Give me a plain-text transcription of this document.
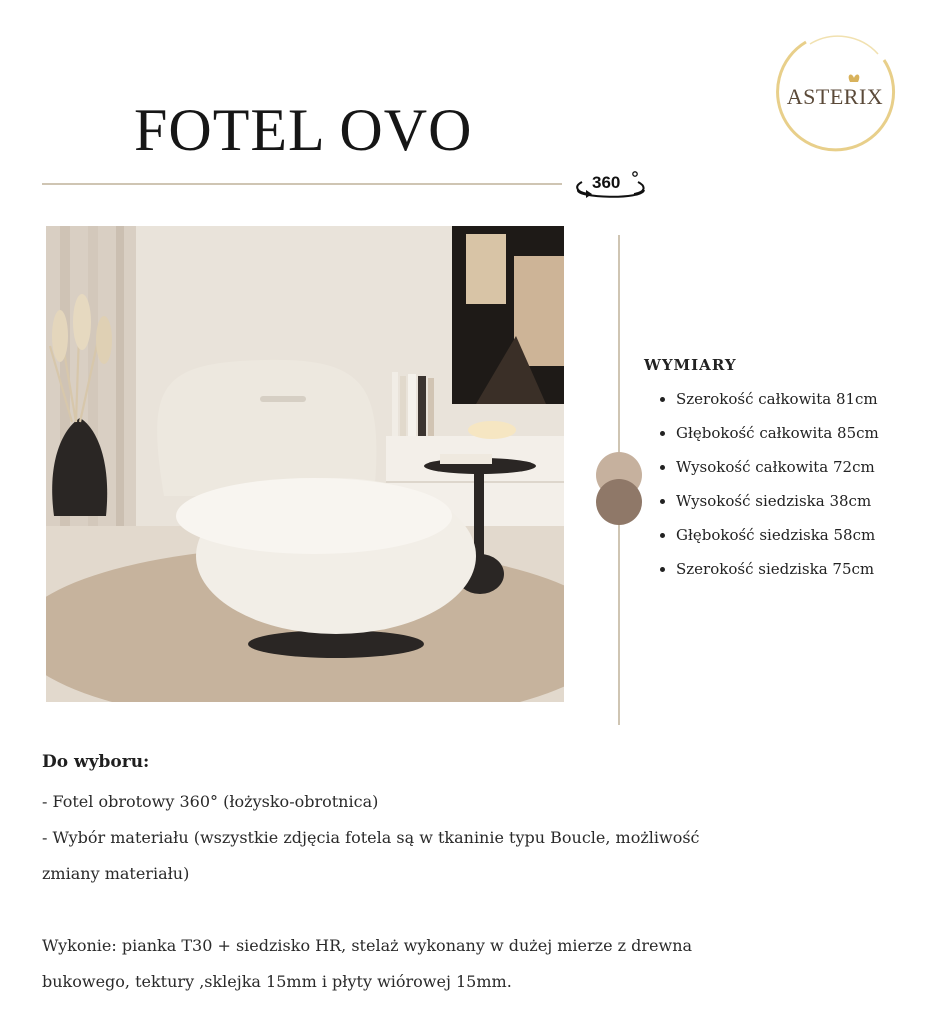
FOTEL OVO
360
ASTERIX
WYMIARY
• Szerokość całkowita 81cm
• Głębokość całkowita 85cm
• Wysokość całkowita 72cm
• Wysokość siedziska 38cm
• Głębokość siedziska 58cm
• Szerokość siedziska 75cm
Do wyboru:
- Fotel obrotowy 360° (łożysko-obrotnica)
- Wybór materiału (wszystkie zdjęcia fotela są w tkaninie typu Boucle, możliwość
zmiany materiału)
Wykonie: pianka T30 + siedzisko HR, stelaż wykonany w dużej mierze z drewna
bukowego, tektury ,sklejka 15mm i płyty wiórowej 15mm.
